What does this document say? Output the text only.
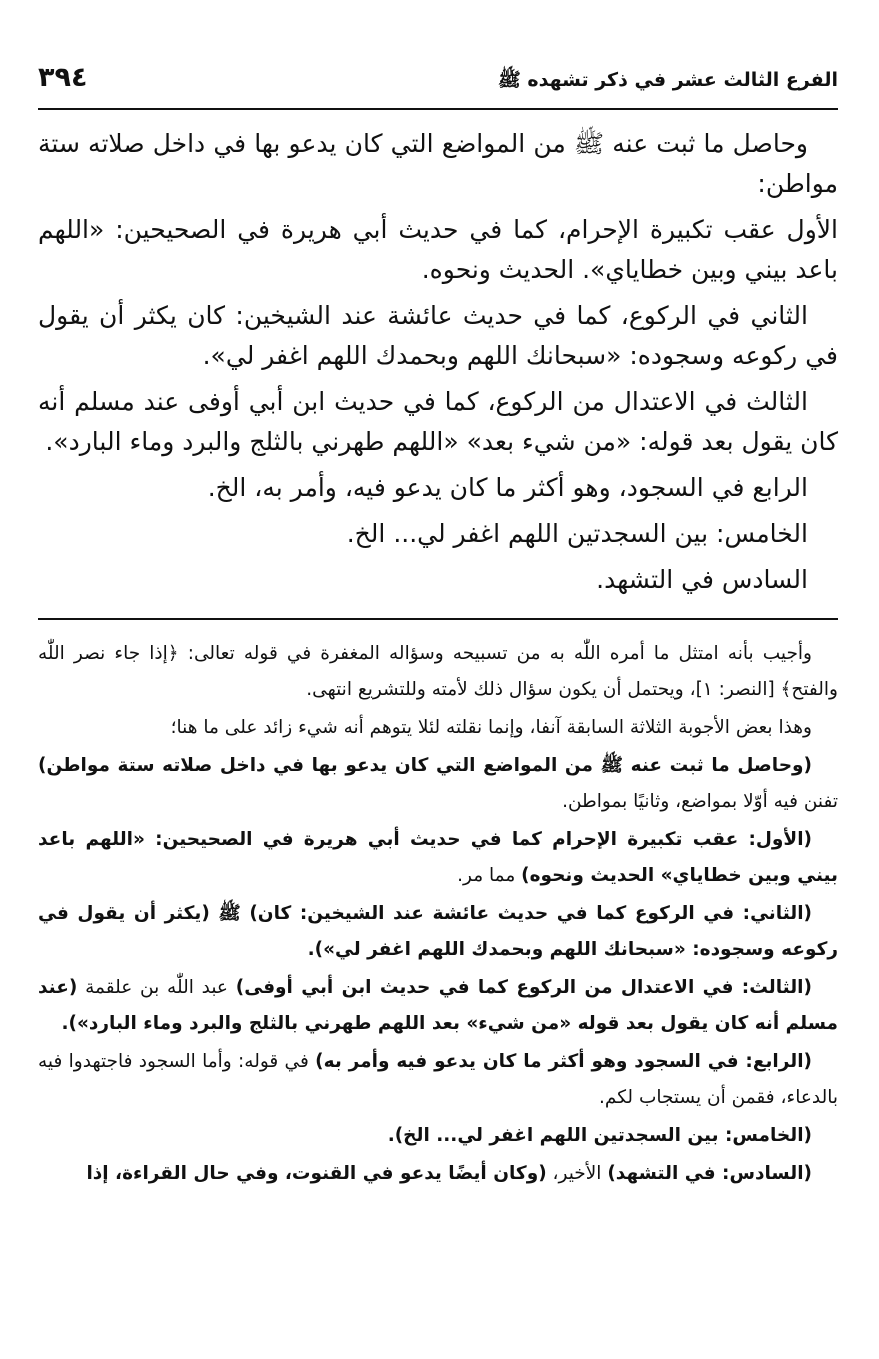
الفرع الثالث عشر في ذكر تشهده ﷺ
٣٩٤

وحاصل ما ثبت عنه ﷺ من المواضع التي كان يدعو بها في داخل صلاته ستة مواطن:

الأول عقب تكبيرة الإحرام، كما في حديث أبي هريرة في الصحيحين: «اللهم باعد بيني وبين خطاياي». الحديث ونحوه.

الثاني في الركوع، كما في حديث عائشة عند الشيخين: كان يكثر أن يقول في ركوعه وسجوده: «سبحانك اللهم وبحمدك اللهم اغفر لي».

الثالث في الاعتدال من الركوع، كما في حديث ابن أبي أوفى عند مسلم أنه كان يقول بعد قوله: «من شيء بعد» «اللهم طهرني بالثلج والبرد وماء البارد».

الرابع في السجود، وهو أكثر ما كان يدعو فيه، وأمر به، الخ.

الخامس: بين السجدتين اللهم اغفر لي... الخ.

السادس في التشهد.

وأجيب بأنه امتثل ما أمره اللّٰه به من تسبيحه وسؤاله المغفرة في قوله تعالى: ﴿إذا جاء نصر اللّٰه والفتح﴾ [النصر: ١]، ويحتمل أن يكون سؤال ذلك لأمته وللتشريع انتهى.

وهذا بعض الأجوبة الثلاثة السابقة آنفا، وإنما نقلته لئلا يتوهم أنه شيء زائد على ما هنا؛

(وحاصل ما ثبت عنه ﷺ من المواضع التي كان يدعو بها في داخل صلاته ستة مواطن) تفنن فيه أوّلا بمواضع، وثانيًا بمواطن.

(الأول: عقب تكبيرة الإحرام كما في حديث أبي هريرة في الصحيحين: «اللهم باعد بيني وبين خطاياي» الحديث ونحوه) مما مر.

(الثاني: في الركوع كما في حديث عائشة عند الشيخين: كان) ﷺ (يكثر أن يقول في ركوعه وسجوده: «سبحانك اللهم وبحمدك اللهم اغفر لي»).

(الثالث: في الاعتدال من الركوع كما في حديث ابن أبي أوفى) عبد اللّٰه بن علقمة (عند مسلم أنه كان يقول بعد قوله «من شيء» بعد اللهم طهرني بالثلج والبرد وماء البارد»).

(الرابع: في السجود وهو أكثر ما كان يدعو فيه وأمر به) في قوله: وأما السجود فاجتهدوا فيه بالدعاء، فقمن أن يستجاب لكم.

(الخامس: بين السجدتين اللهم اغفر لي... الخ).

(السادس: في التشهد) الأخير، (وكان أيضًا يدعو في القنوت، وفي حال القراءة، إذا
